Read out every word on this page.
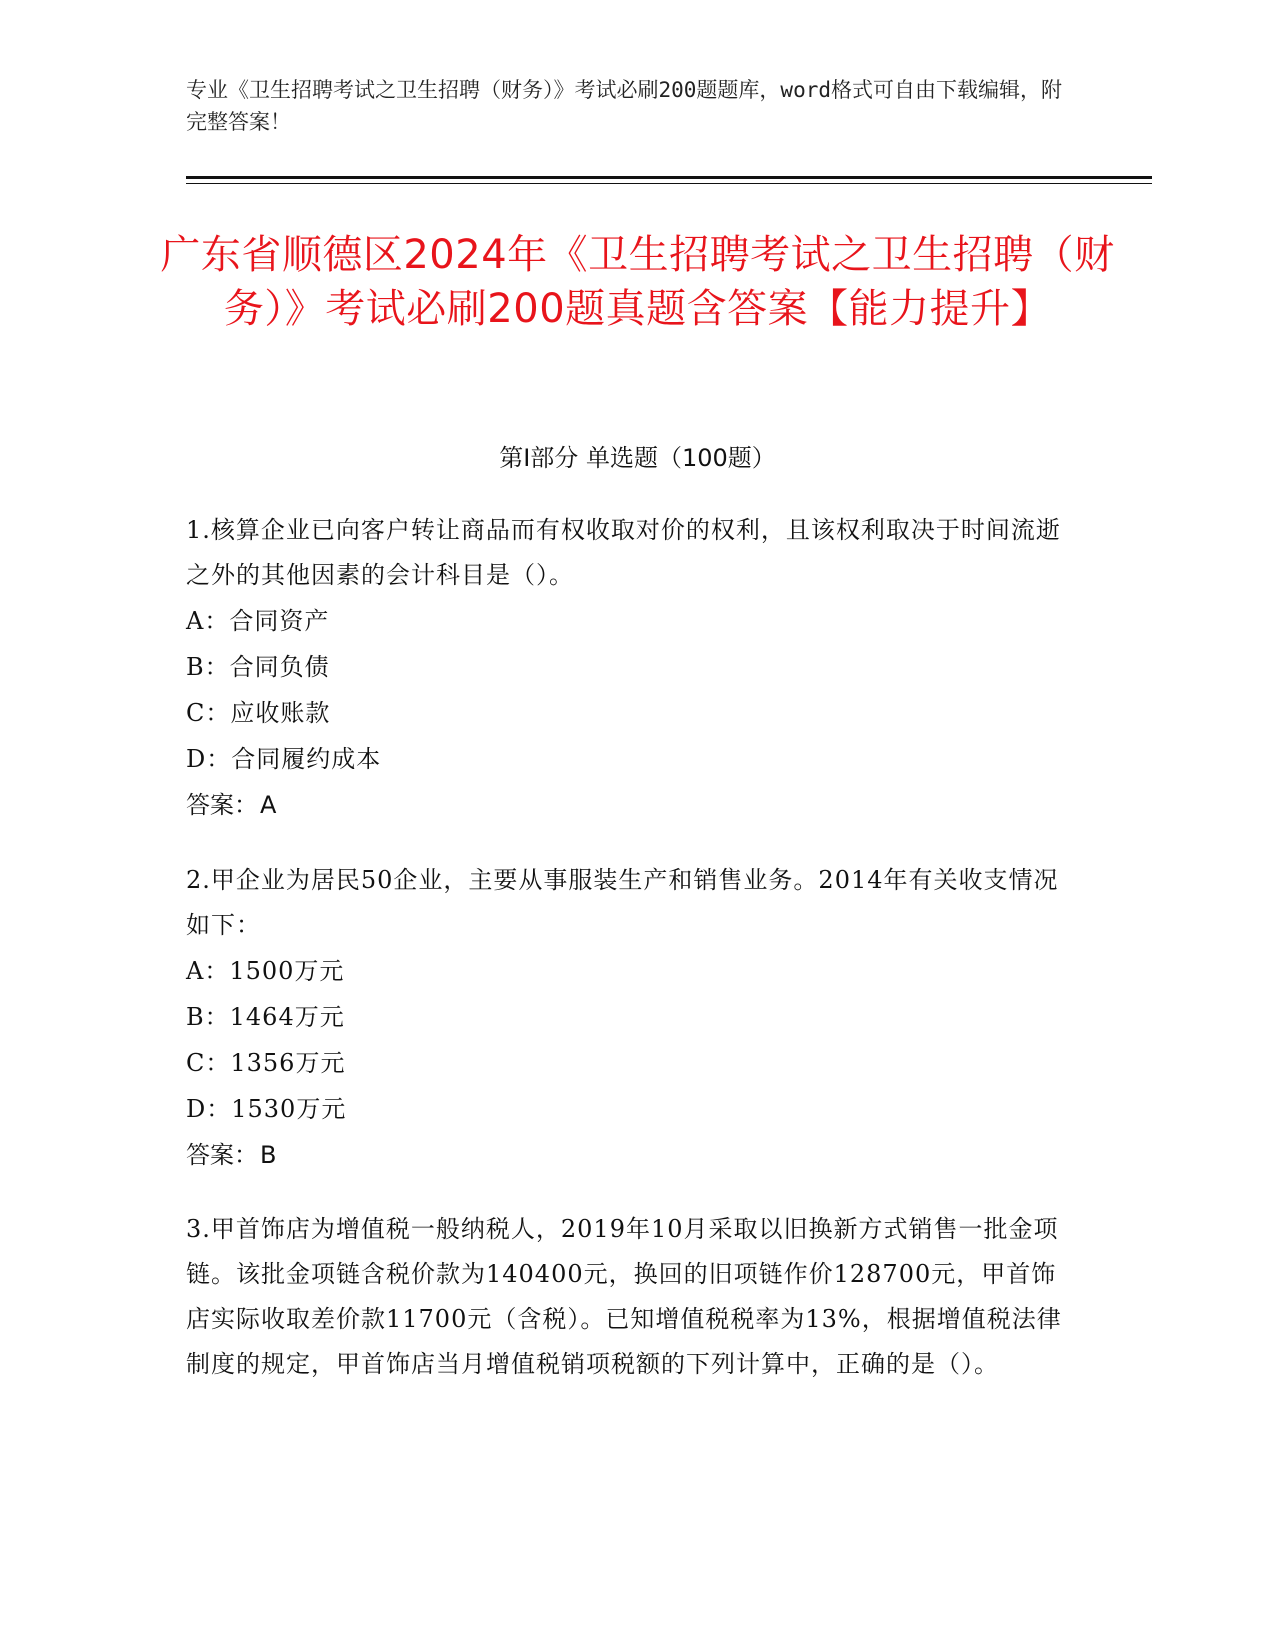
专业《卫生招聘考试之卫生招聘（财务）》考试必刷200题题库，word格式可自由下载编辑，附完整答案！
广东省顺德区2024年《卫生招聘考试之卫生招聘（财务）》考试必刷200题真题含答案【能力提升】
第Ⅰ部分 单选题（100题）
1.核算企业已向客户转让商品而有权收取对价的权利，且该权利取决于时间流逝之外的其他因素的会计科目是（）。
A：合同资产
B：合同负债
C：应收账款
D：合同履约成本
答案：A
2.甲企业为居民50企业，主要从事服装生产和销售业务。2014年有关收支情况如下：
A：1500万元
B：1464万元
C：1356万元
D：1530万元
答案：B
3.甲首饰店为增值税一般纳税人，2019年10月采取以旧换新方式销售一批金项链。该批金项链含税价款为140400元，换回的旧项链作价128700元，甲首饰店实际收取差价款11700元（含税）。已知增值税税率为13%，根据增值税法律制度的规定，甲首饰店当月增值税销项税额的下列计算中，正确的是（）。
